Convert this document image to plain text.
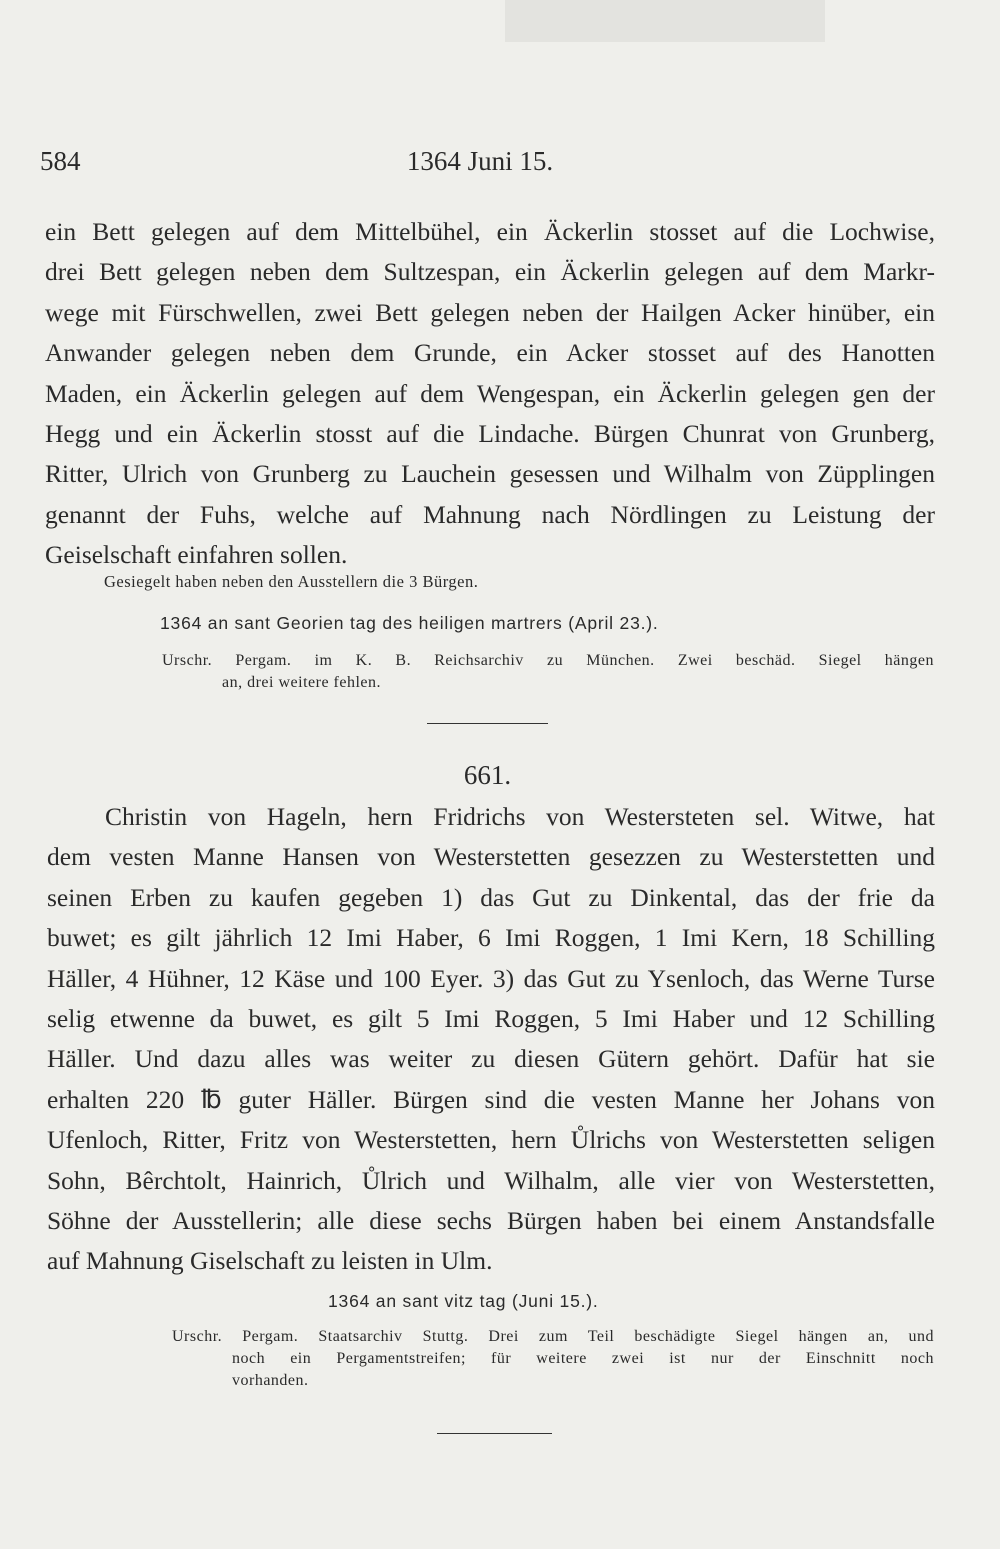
1364 Juni 15.
584
ein Bett gelegen auf dem Mittelbühel, ein Äckerlin stosset auf die Lochwise,
drei Bett gelegen neben dem Sultzespan, ein Äckerlin gelegen auf dem Markr-
wege mit Fürschwellen, zwei Bett gelegen neben der Hailgen Acker hinüber, ein
Anwander gelegen neben dem Grunde, ein Acker stosset auf des Hanotten
Maden, ein Äckerlin gelegen auf dem Wengespan, ein Äckerlin gelegen gen der
Hegg und ein Äckerlin stosst auf die Lindache. Bürgen Chunrat von Grunberg,
Ritter, Ulrich von Grunberg zu Lauchein gesessen und Wilhalm von Züpplingen
genannt der Fuhs, welche auf Mahnung nach Nördlingen zu Leistung der
Geiselschaft einfahren sollen.
Gesiegelt haben neben den Ausstellern die 3 Bürgen.
1364 an sant Georien tag des heiligen martrers (April 23.).
Urschr. Pergam. im K. B. Reichsarchiv zu München. Zwei beschäd. Siegel hängen
an, drei weitere fehlen.
661.
Christin von Hageln, hern Fridrichs von Westersteten sel. Witwe, hat
dem vesten Manne Hansen von Westerstetten gesezzen zu Westerstetten und
seinen Erben zu kaufen gegeben 1) das Gut zu Dinkental, das der frie da
buwet; es gilt jährlich 12 Imi Haber, 6 Imi Roggen, 1 Imi Kern, 18 Schilling
Häller, 4 Hühner, 12 Käse und 100 Eyer. 3) das Gut zu Ysenloch, das Werne Turse
selig etwenne da buwet, es gilt 5 Imi Roggen, 5 Imi Haber und 12 Schilling
Häller. Und dazu alles was weiter zu diesen Gütern gehört. Dafür hat sie
erhalten 220 ℔ guter Häller. Bürgen sind die vesten Manne her Johans von
Ufenloch, Ritter, Fritz von Westerstetten, hern Ůlrichs von Westerstetten seligen
Sohn, Bêrchtolt, Hainrich, Ůlrich und Wilhalm, alle vier von Westerstetten,
Söhne der Ausstellerin; alle diese sechs Bürgen haben bei einem Anstandsfalle
auf Mahnung Giselschaft zu leisten in Ulm.
1364 an sant vitz tag (Juni 15.).
Urschr. Pergam. Staatsarchiv Stuttg. Drei zum Teil beschädigte Siegel hängen an, und
noch ein Pergamentstreifen; für weitere zwei ist nur der Einschnitt noch
vorhanden.
